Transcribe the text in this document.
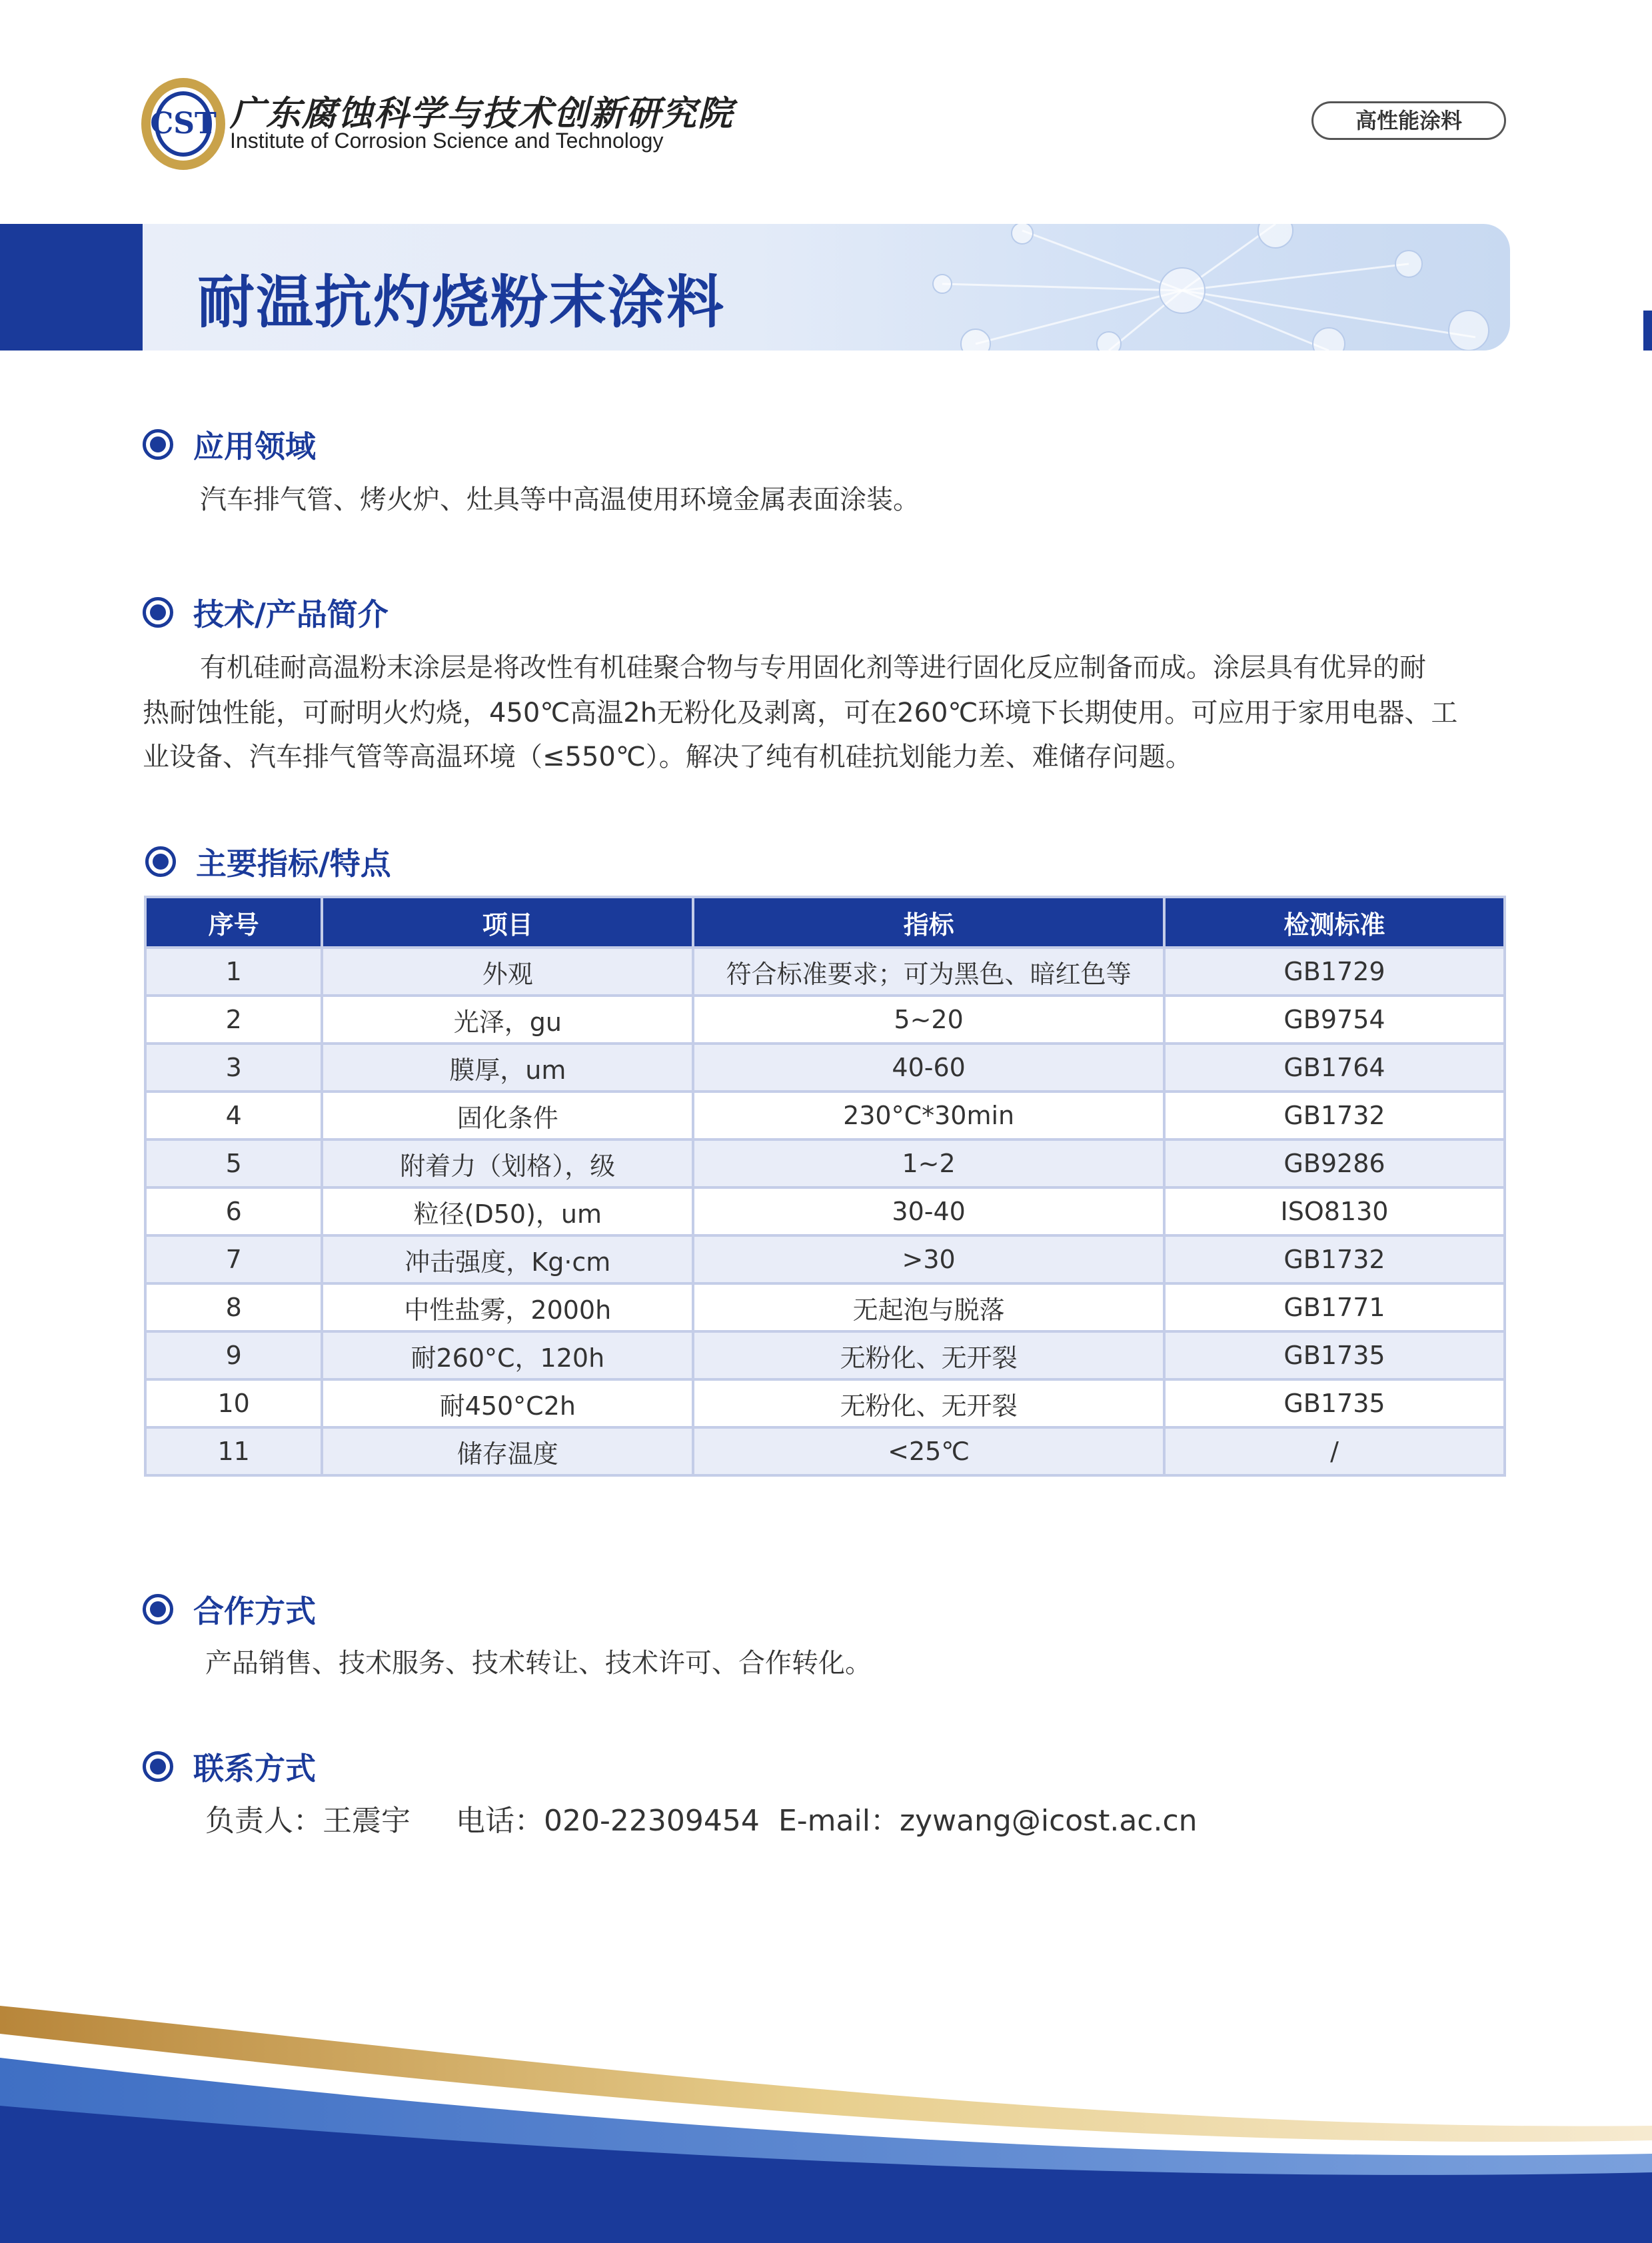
CST 广东腐蚀科学与技术创新研究院
Institute of Corrosion Science and Technology
高性能涂料
耐温抗灼烧粉末涂料
应用领域
汽车排气管、烤火炉、灶具等中高温使用环境金属表面涂装。
技术/产品简介
有机硅耐高温粉末涂层是将改性有机硅聚合物与专用固化剂等进行固化反应制备而成。涂层具有优异的耐
热耐蚀性能，可耐明火灼烧，450℃高温2h无粉化及剥离，可在260℃环境下长期使用。可应用于家用电器、工
业设备、汽车排气管等高温环境（≤550℃）。解决了纯有机硅抗划能力差、难储存问题。
主要指标/特点
序号	项目	指标	检测标准
1	外观	符合标准要求；可为黑色、暗红色等	GB1729
2	光泽，gu	5~20	GB9754
3	膜厚，um	40-60	GB1764
4	固化条件	230°C*30min	GB1732
5	附着力（划格），级	1~2	GB9286
6	粒径(D50)，um	30-40	ISO8130
7	冲击强度，Kg·cm	>30	GB1732
8	中性盐雾，2000h	无起泡与脱落	GB1771
9	耐260°C，120h	无粉化、无开裂	GB1735
10	耐450°C2h	无粉化、无开裂	GB1735
11	储存温度	<25℃	/
合作方式
产品销售、技术服务、技术转让、技术许可、合作转化。
联系方式
负责人：王震宇 电话：020-22309454 E-mail：zywang@icost.ac.cn
